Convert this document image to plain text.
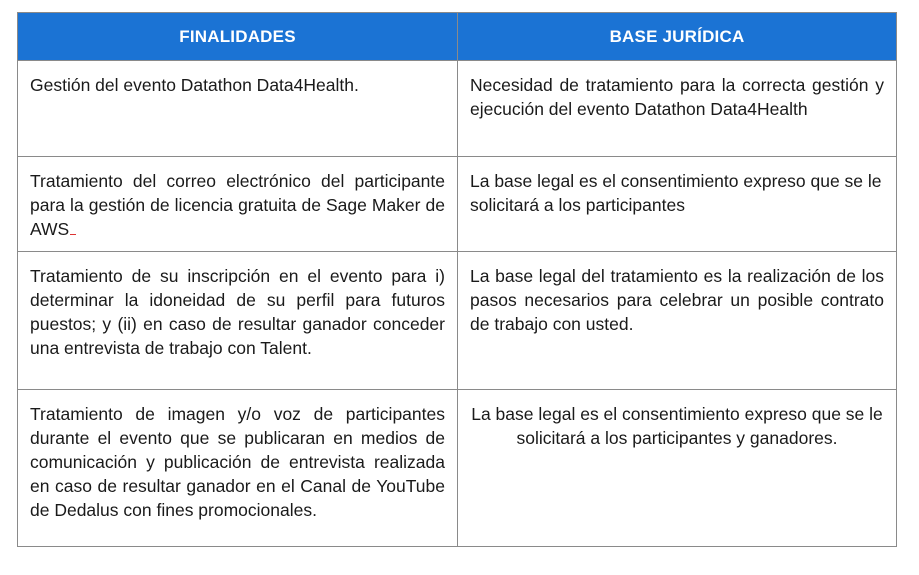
FINALIDADES	BASE JURÍDICA

Gestión del evento Datathon Data4Health.	Necesidad de tratamiento para la correcta gestión y ejecución del evento Datathon Data4Health

Tratamiento del correo electrónico del participante para la gestión de licencia gratuita de Sage Maker de AWS	La base legal es el consentimiento expreso que se le solicitará a los participantes

Tratamiento de su inscripción en el evento para i) determinar la idoneidad de su perfil para futuros puestos; y (ii) en caso de resultar ganador conceder una entrevista de trabajo con Talent.	La base legal del tratamiento es la realización de los pasos necesarios para celebrar un posible contrato de trabajo con usted.

Tratamiento de imagen y/o voz de participantes durante el evento que se publicaran en medios de comunicación y publicación de entrevista realizada en caso de resultar ganador en el Canal de YouTube de Dedalus con fines promocionales.	La base legal es el consentimiento expreso que se le solicitará a los participantes y ganadores.
